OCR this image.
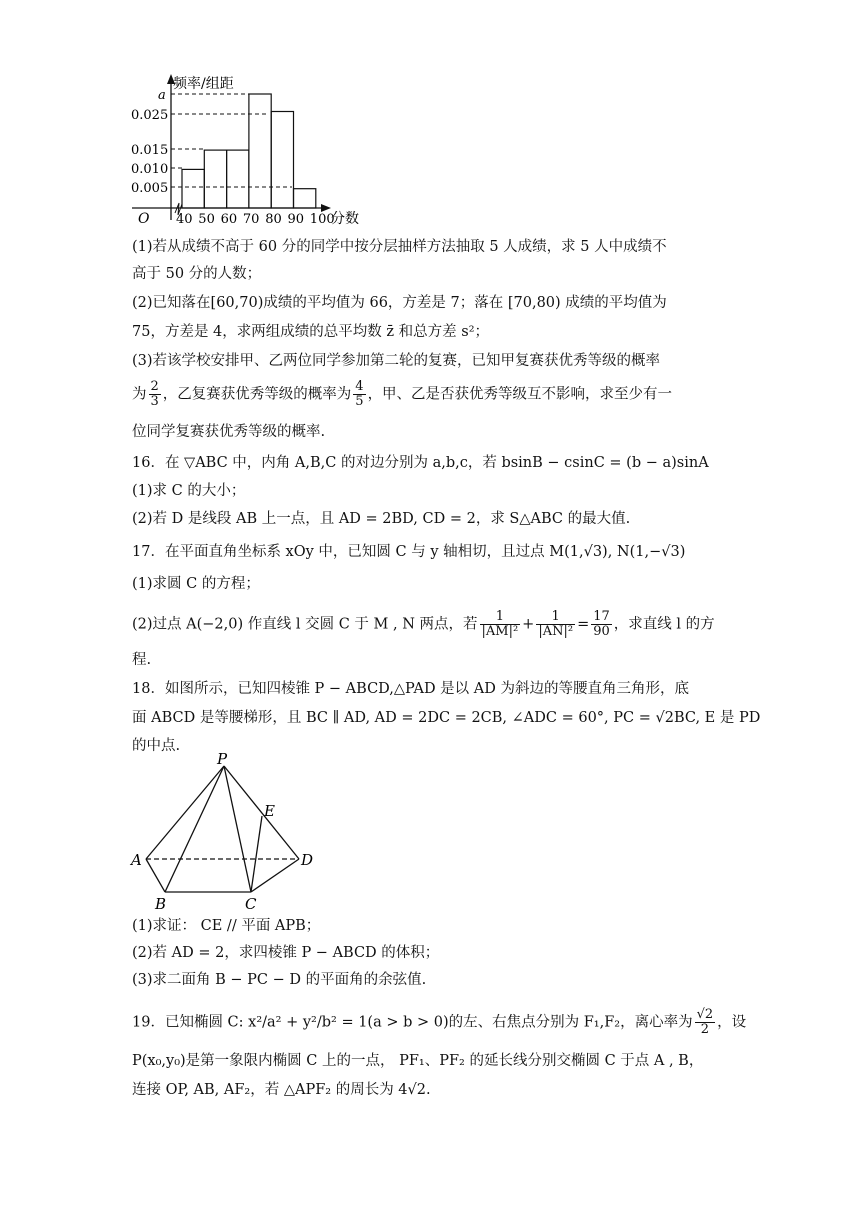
频率/组距
O	分数
a
0.025
0.015
0.010
0.005
40 50 60 70 80 90 100
(1)若从成绩不高于 60 分的同学中按分层抽样方法抽取 5 人成绩，求 5 人中成绩不
高于 50 分的人数；
(2)已知落在[60,70)成绩的平均值为 66，方差是 7；落在 [70,80) 成绩的平均值为
75，方差是 4，求两组成绩的总平均数 z̄ 和总方差 s²；
(3)若该学校安排甲、乙两位同学参加第二轮的复赛，已知甲复赛获优秀等级的概率
为 $\frac{2}{3}$ ，乙复赛获优秀等级的概率为 $\frac{4}{5}$ ，甲、乙是否获优秀等级互不影响，求至少有一
位同学复赛获优秀等级的概率.
16．在 ▽ABC 中，内角 A,B,C 的对边分别为 a,b,c，若 bsinB − csinC = (b − a)sinA
(1)求 C 的大小；
(2)若 D 是线段 AB 上一点，且 AD = 2BD, CD = 2，求 S△ABC 的最大值.
17．在平面直角坐标系 xOy 中，已知圆 C 与 y 轴相切，且过点 M(1,√3), N(1,−√3)
(1)求圆 C 的方程；
(2)过点 A(−2,0) 作直线 l 交圆 C 于 M , N 两点，若 $\frac{1}{\text{|AM|²}} + \frac{1}{\text{|AN|²}} = \frac{17}{90}$ ，求直线 l 的方
程.
18．如图所示，已知四棱锥 P − ABCD,△PAD 是以 AD 为斜边的等腰直角三角形，底
面 ABCD 是等腰梯形，且 BC ∥ AD, AD = 2DC = 2CB, ∠ADC = 60°, PC = √2BC, E 是 PD
的中点.
P
E
A	D
B	C
(1)求证： CE // 平面 APB；
(2)若 AD = 2，求四棱锥 P − ABCD 的体积；
(3)求二面角 B − PC − D 的平面角的余弦值.
19．已知椭圆 C: x²/a² + y²/b² = 1(a > b > 0)的左、右焦点分别为 F₁,F₂，离心率为 $\frac{√2}{2}$ ，设
P(x₀,y₀)是第一象限内椭圆 C 上的一点， PF₁、PF₂ 的延长线分别交椭圆 C 于点 A , B，
连接 OP, AB, AF₂，若 △APF₂ 的周长为 4√2.
